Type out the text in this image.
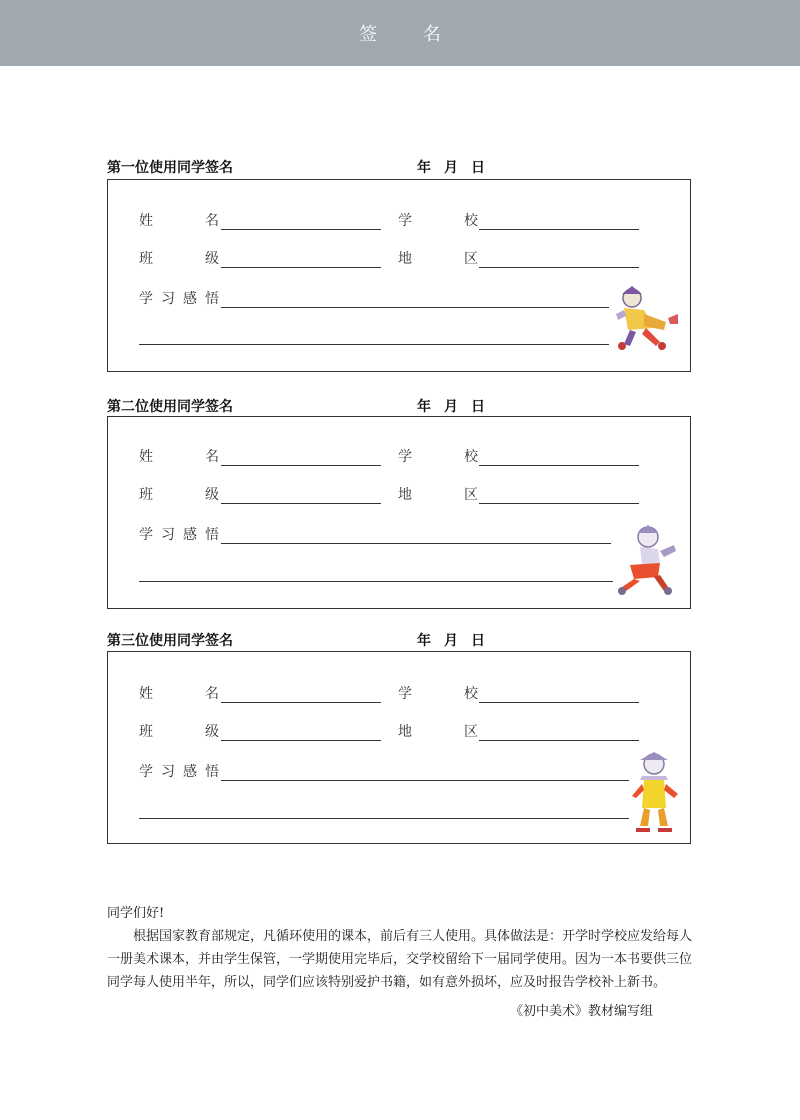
签 名
第一位使用同学签名	年 月 日
姓	名	学	校
班	级	地	区
学 习 感 悟
第二位使用同学签名	年 月 日
姓	名	学	校
班	级	地	区
学 习 感 悟
第三位使用同学签名	年 月 日
姓	名	学	校
班	级	地	区
学 习 感 悟

同学们好!

根据国家教育部规定，凡循环使用的课本，前后有三人使用。具体做法是：开学时学校应发给每人一册美术课本，并由学生保管，一学期使用完毕后，交学校留给下一届同学使用。因为一本书要供三位同学每人使用半年，所以，同学们应该特别爱护书籍，如有意外损坏，应及时报告学校补上新书。

《初中美术》教材编写组
